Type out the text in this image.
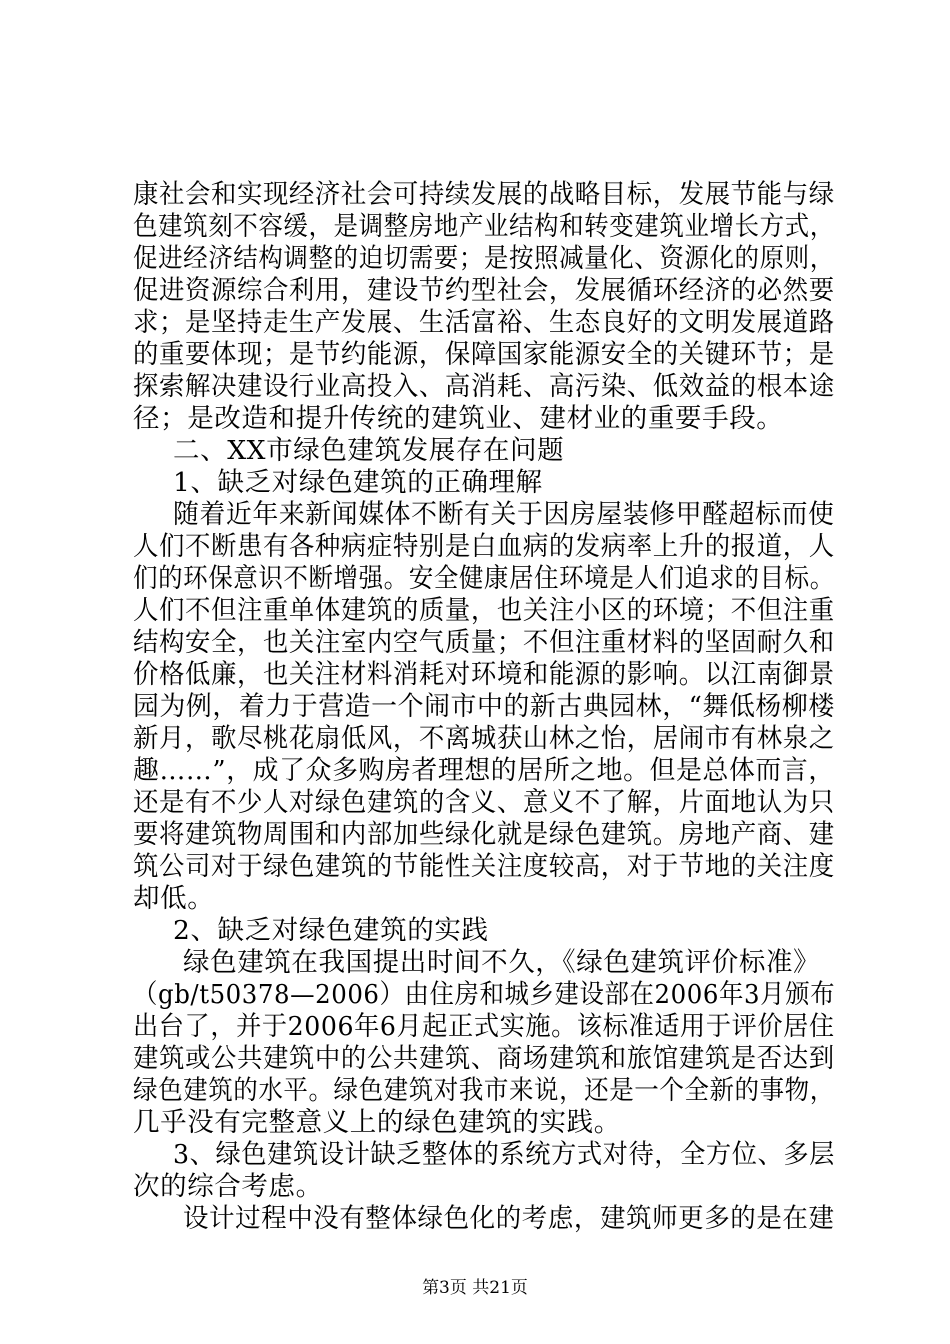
康社会和实现经济社会可持续发展的战略目标，发展节能与绿
色建筑刻不容缓，是调整房地产业结构和转变建筑业增长方式，
促进经济结构调整的迫切需要；是按照减量化、资源化的原则，
促进资源综合利用，建设节约型社会，发展循环经济的必然要
求；是坚持走生产发展、生活富裕、生态良好的文明发展道路
的重要体现；是节约能源，保障国家能源安全的关键环节；是
探索解决建设行业高投入、高消耗、高污染、低效益的根本途
径；是改造和提升传统的建筑业、建材业的重要手段。
二、XX市绿色建筑发展存在问题
1、缺乏对绿色建筑的正确理解
随着近年来新闻媒体不断有关于因房屋装修甲醛超标而使
人们不断患有各种病症特别是白血病的发病率上升的报道，人
们的环保意识不断增强。安全健康居住环境是人们追求的目标。
人们不但注重单体建筑的质量，也关注小区的环境；不但注重
结构安全，也关注室内空气质量；不但注重材料的坚固耐久和
价格低廉，也关注材料消耗对环境和能源的影响。以江南御景
园为例，着力于营造一个闹市中的新古典园林，“舞低杨柳楼
新月，歌尽桃花扇低风，不离城获山林之怡，居闹市有林泉之
趣……”，成了众多购房者理想的居所之地。但是总体而言，
还是有不少人对绿色建筑的含义、意义不了解，片面地认为只
要将建筑物周围和内部加些绿化就是绿色建筑。房地产商、建
筑公司对于绿色建筑的节能性关注度较高，对于节地的关注度
却低。
2、缺乏对绿色建筑的实践
绿色建筑在我国提出时间不久，《绿色建筑评价标准》
（gb/t50378—2006）由住房和城乡建设部在2006年3月颁布
出台了，并于2006年6月起正式实施。该标准适用于评价居住
建筑或公共建筑中的公共建筑、商场建筑和旅馆建筑是否达到
绿色建筑的水平。绿色建筑对我市来说，还是一个全新的事物，
几乎没有完整意义上的绿色建筑的实践。
3、绿色建筑设计缺乏整体的系统方式对待，全方位、多层
次的综合考虑。
设计过程中没有整体绿色化的考虑，建筑师更多的是在建
第3页 共21页
